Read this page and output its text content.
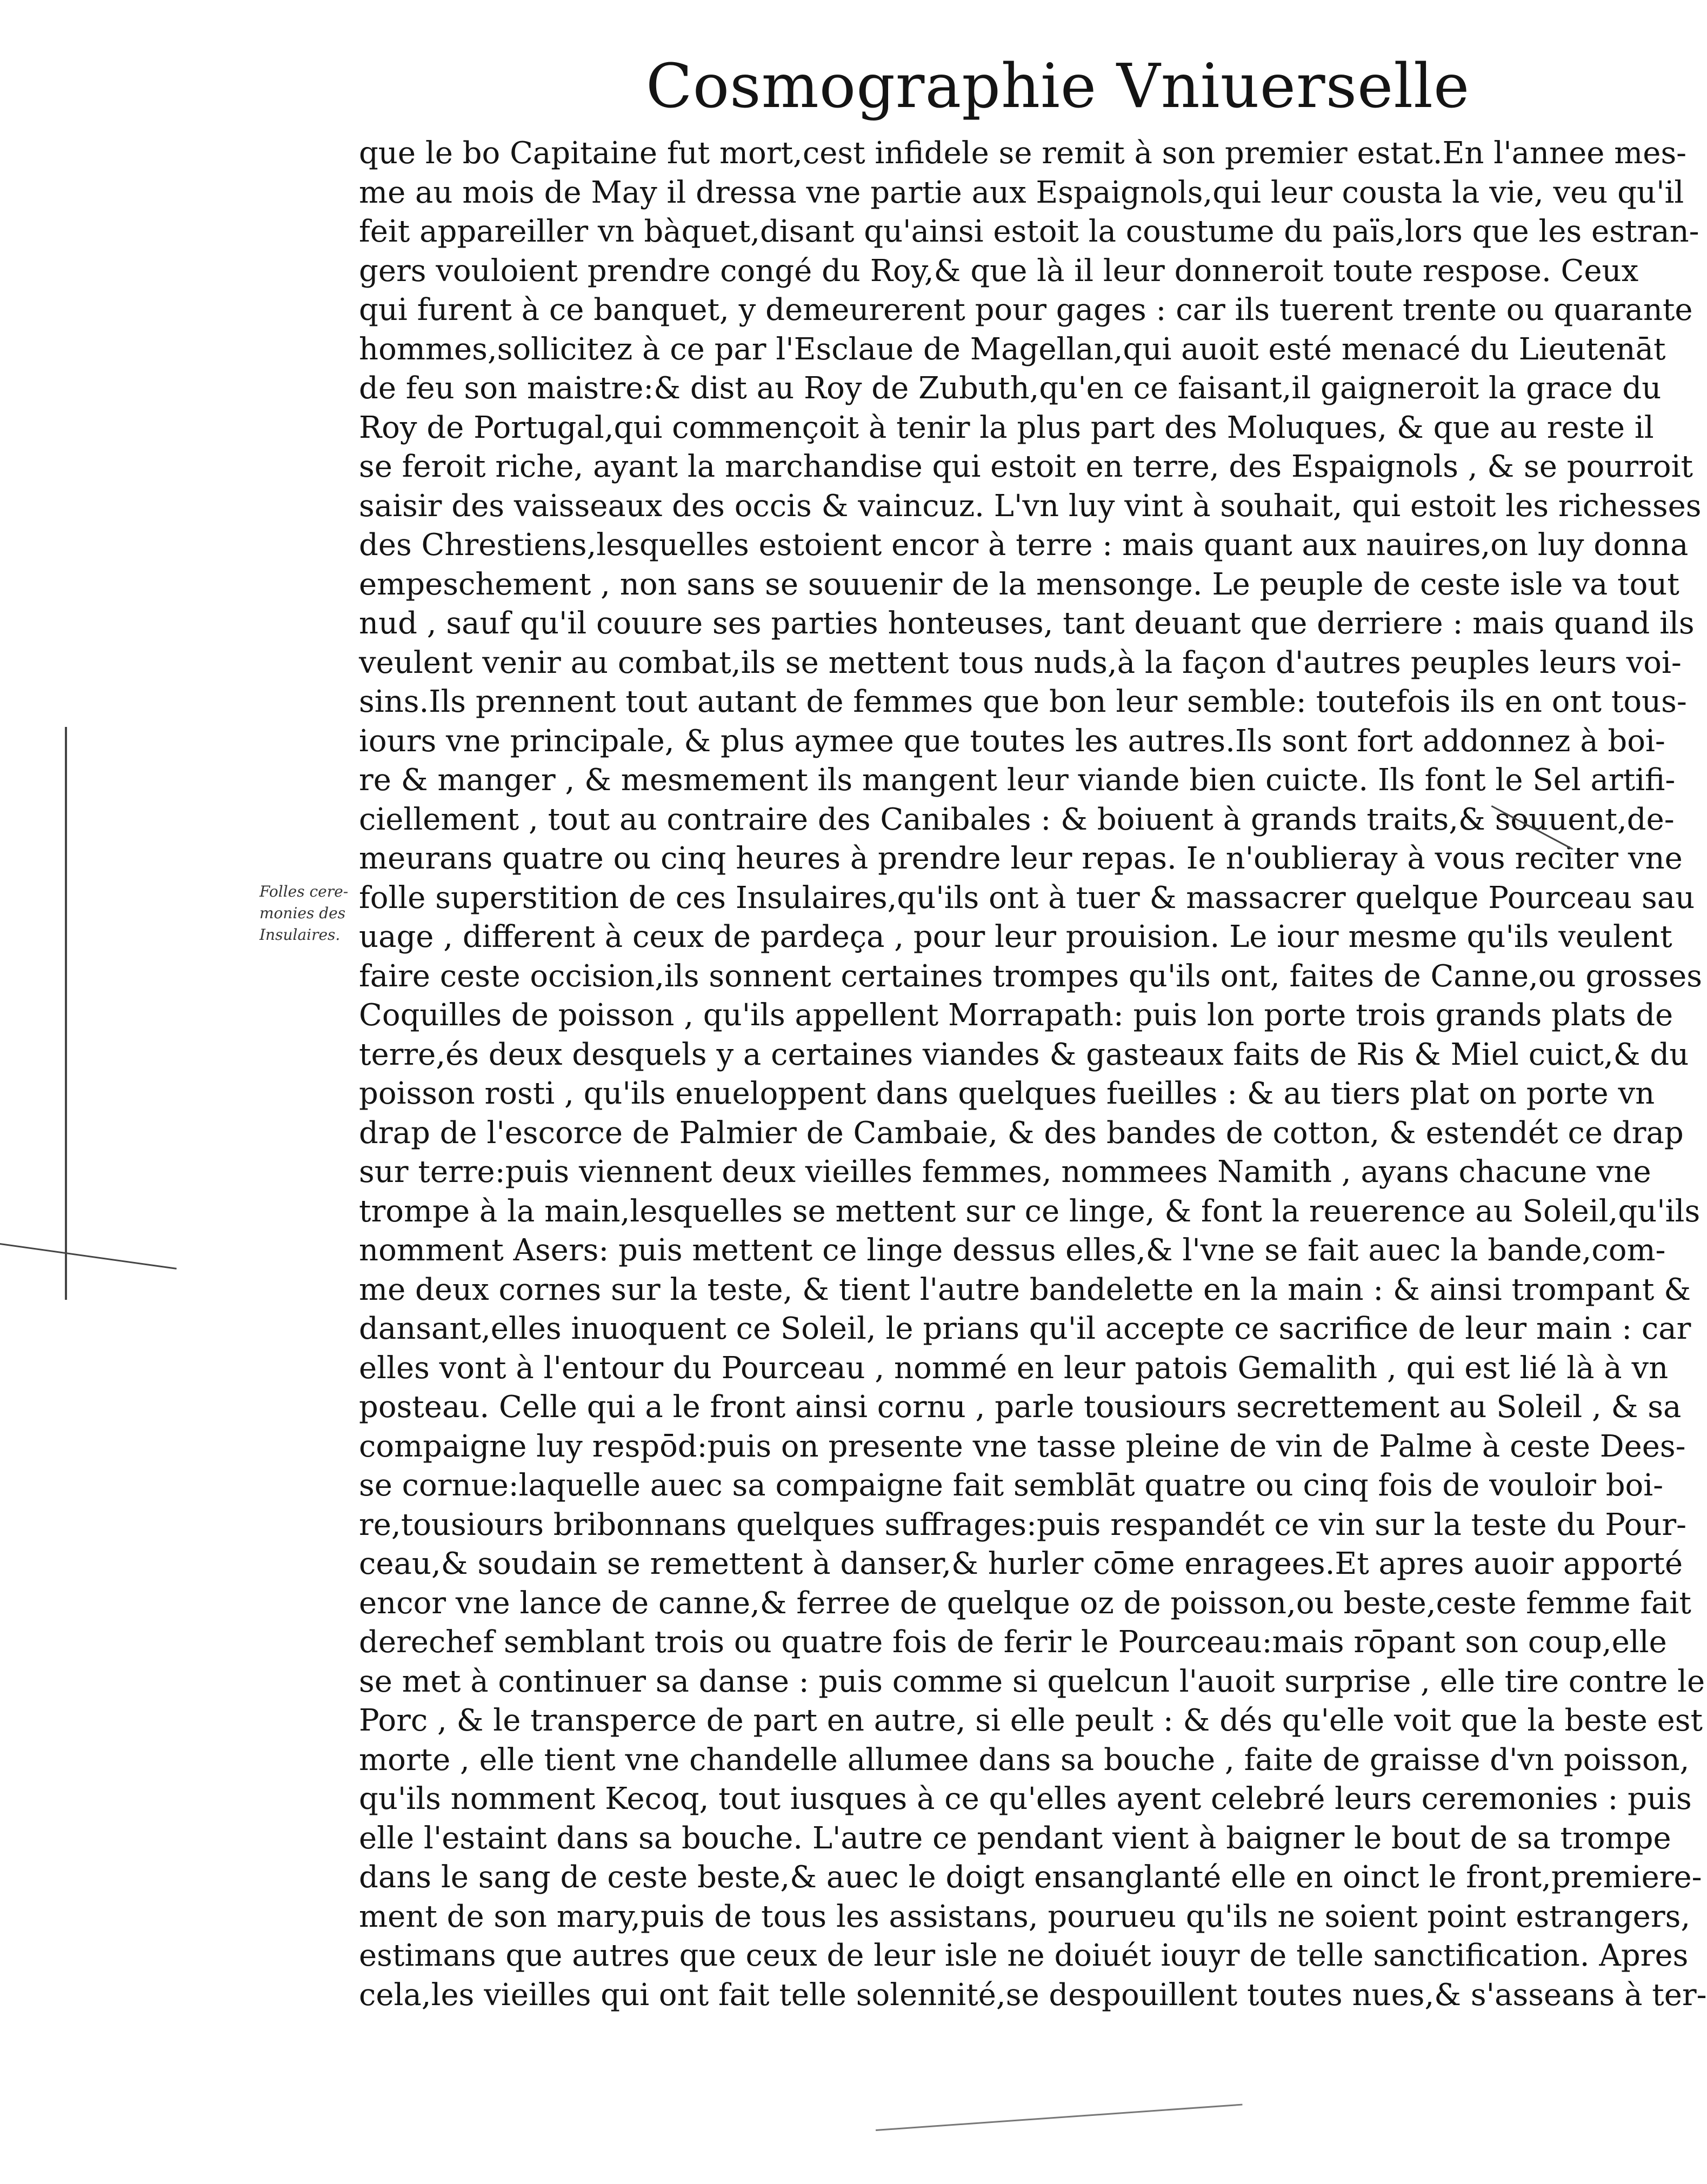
Cosmographie Vniuerselle
Folles cere-
monies des
Insulaires.
que le bo Capitaine fut mort,cest infidele se remit à son premier estat.En l'annee mes-
me au mois de May il dressa vne partie aux Espaignols,qui leur cousta la vie, veu qu'il
feit appareiller vn bàquet,disant qu'ainsi estoit la coustume du païs,lors que les estran-
gers vouloient prendre congé du Roy,& que là il leur donneroit toute respose. Ceux
qui furent à ce banquet, y demeurerent pour gages : car ils tuerent trente ou quarante
hommes,sollicitez à ce par l'Esclaue de Magellan,qui auoit esté menacé du Lieutenāt
de feu son maistre:& dist au Roy de Zubuth,qu'en ce faisant,il gaigneroit la grace du
Roy de Portugal,qui commençoit à tenir la plus part des Moluques, & que au reste il
se feroit riche, ayant la marchandise qui estoit en terre, des Espaignols , & se pourroit
saisir des vaisseaux des occis & vaincuz. L'vn luy vint à souhait, qui estoit les richesses
des Chrestiens,lesquelles estoient encor à terre : mais quant aux nauires,on luy donna
empeschement , non sans se souuenir de la mensonge. Le peuple de ceste isle va tout
nud , sauf qu'il couure ses parties honteuses, tant deuant que derriere : mais quand ils
veulent venir au combat,ils se mettent tous nuds,à la façon d'autres peuples leurs voi-
sins.Ils prennent tout autant de femmes que bon leur semble: toutefois ils en ont tous-
iours vne principale, & plus aymee que toutes les autres.Ils sont fort addonnez à boi-
re & manger , & mesmement ils mangent leur viande bien cuicte. Ils font le Sel artifi-
ciellement , tout au contraire des Canibales : & boiuent à grands traits,& souuent,de-
meurans quatre ou cinq heures à prendre leur repas. Ie n'oublieray à vous reciter vne
folle superstition de ces Insulaires,qu'ils ont à tuer & massacrer quelque Pourceau sau
uage , different à ceux de pardeça , pour leur prouision. Le iour mesme qu'ils veulent
faire ceste occision,ils sonnent certaines trompes qu'ils ont, faites de Canne,ou grosses
Coquilles de poisson , qu'ils appellent Morrapath: puis lon porte trois grands plats de
terre,és deux desquels y a certaines viandes & gasteaux faits de Ris & Miel cuict,& du
poisson rosti , qu'ils enueloppent dans quelques fueilles : & au tiers plat on porte vn
drap de l'escorce de Palmier de Cambaie, & des bandes de cotton, & estendét ce drap
sur terre:puis viennent deux vieilles femmes, nommees Namith , ayans chacune vne
trompe à la main,lesquelles se mettent sur ce linge, & font la reuerence au Soleil,qu'ils
nomment Asers: puis mettent ce linge dessus elles,& l'vne se fait auec la bande,com-
me deux cornes sur la teste, & tient l'autre bandelette en la main : & ainsi trompant &
dansant,elles inuoquent ce Soleil, le prians qu'il accepte ce sacrifice de leur main : car
elles vont à l'entour du Pourceau , nommé en leur patois Gemalith , qui est lié là à vn
posteau. Celle qui a le front ainsi cornu , parle tousiours secrettement au Soleil , & sa
compaigne luy respōd:puis on presente vne tasse pleine de vin de Palme à ceste Dees-
se cornue:laquelle auec sa compaigne fait semblāt quatre ou cinq fois de vouloir boi-
re,tousiours bribonnans quelques suffrages:puis respandét ce vin sur la teste du Pour-
ceau,& soudain se remettent à danser,& hurler cōme enragees.Et apres auoir apporté
encor vne lance de canne,& ferree de quelque oz de poisson,ou beste,ceste femme fait
derechef semblant trois ou quatre fois de ferir le Pourceau:mais rōpant son coup,elle
se met à continuer sa danse : puis comme si quelcun l'auoit surprise , elle tire contre le
Porc , & le transperce de part en autre, si elle peult : & dés qu'elle voit que la beste est
morte , elle tient vne chandelle allumee dans sa bouche , faite de graisse d'vn poisson,
qu'ils nomment Kecoq, tout iusques à ce qu'elles ayent celebré leurs ceremonies : puis
elle l'estaint dans sa bouche. L'autre ce pendant vient à baigner le bout de sa trompe
dans le sang de ceste beste,& auec le doigt ensanglanté elle en oinct le front,premiere-
ment de son mary,puis de tous les assistans, pourueu qu'ils ne soient point estrangers,
estimans que autres que ceux de leur isle ne doiuét iouyr de telle sanctification. Apres
cela,les vieilles qui ont fait telle solennité,se despouillent toutes nues,& s'asseans à ter-
